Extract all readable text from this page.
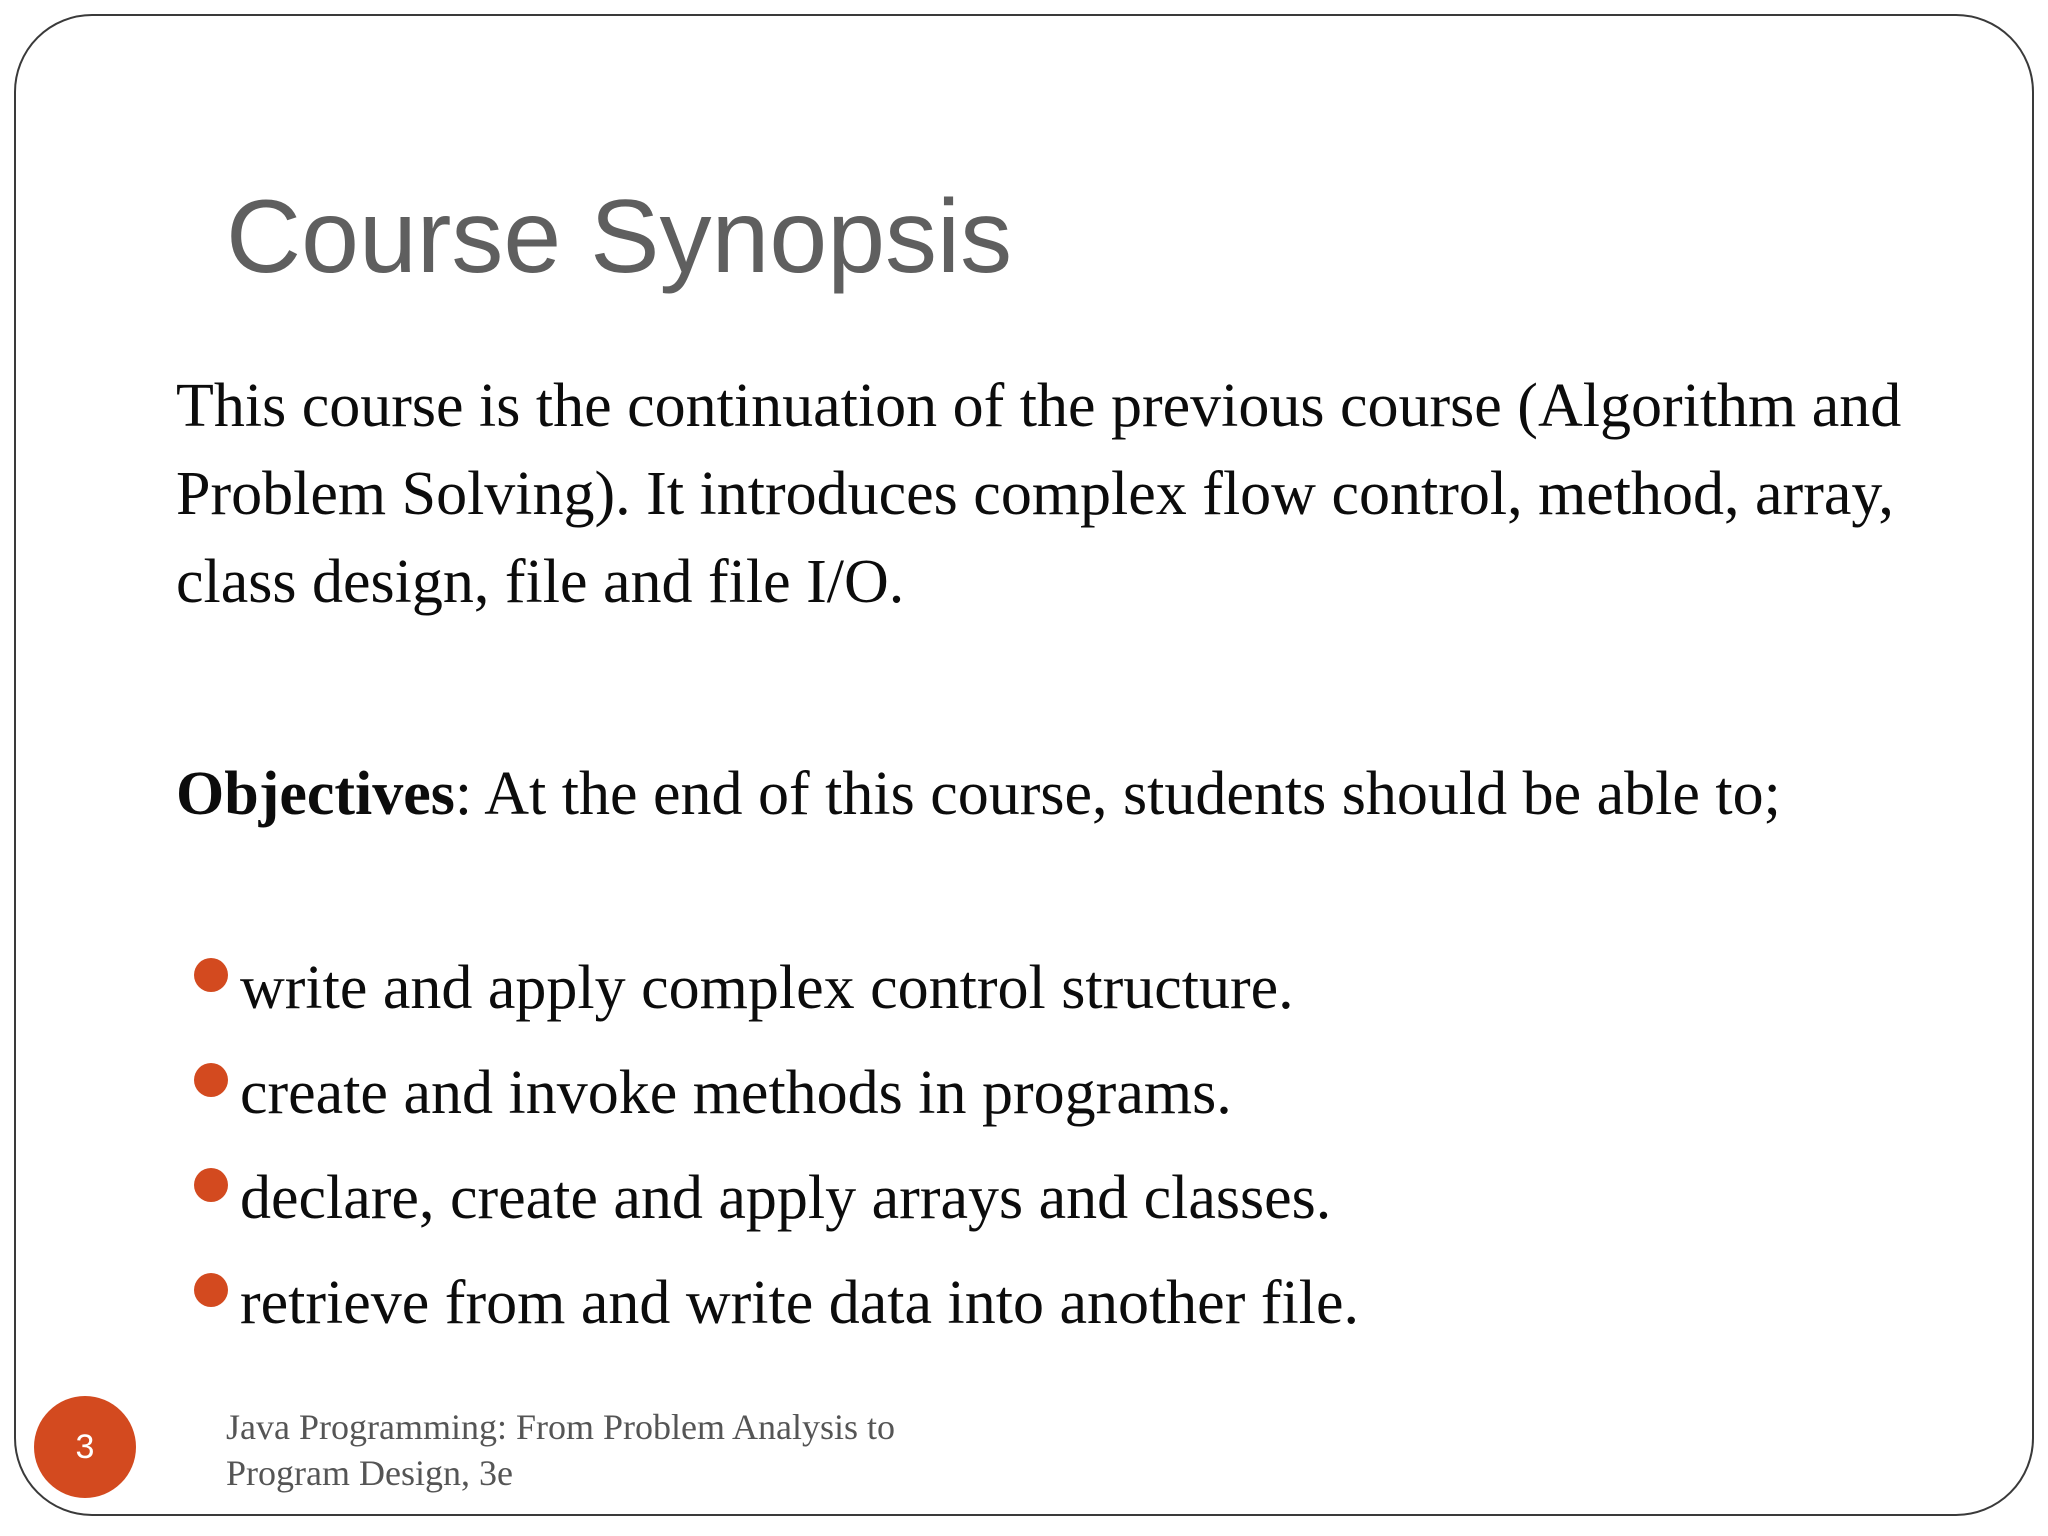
Course Synopsis

This course is the continuation of the previous course (Algorithm and Problem Solving). It introduces complex flow control, method, array, class design, file and file I/O.

Objectives: At the end of this course, students should be able to;

write and apply complex control structure.
create and invoke methods in programs.
declare, create and apply arrays and classes.
retrieve from and write data into another file.
3	Java Programming: From Problem Analysis to
Program Design, 3e
